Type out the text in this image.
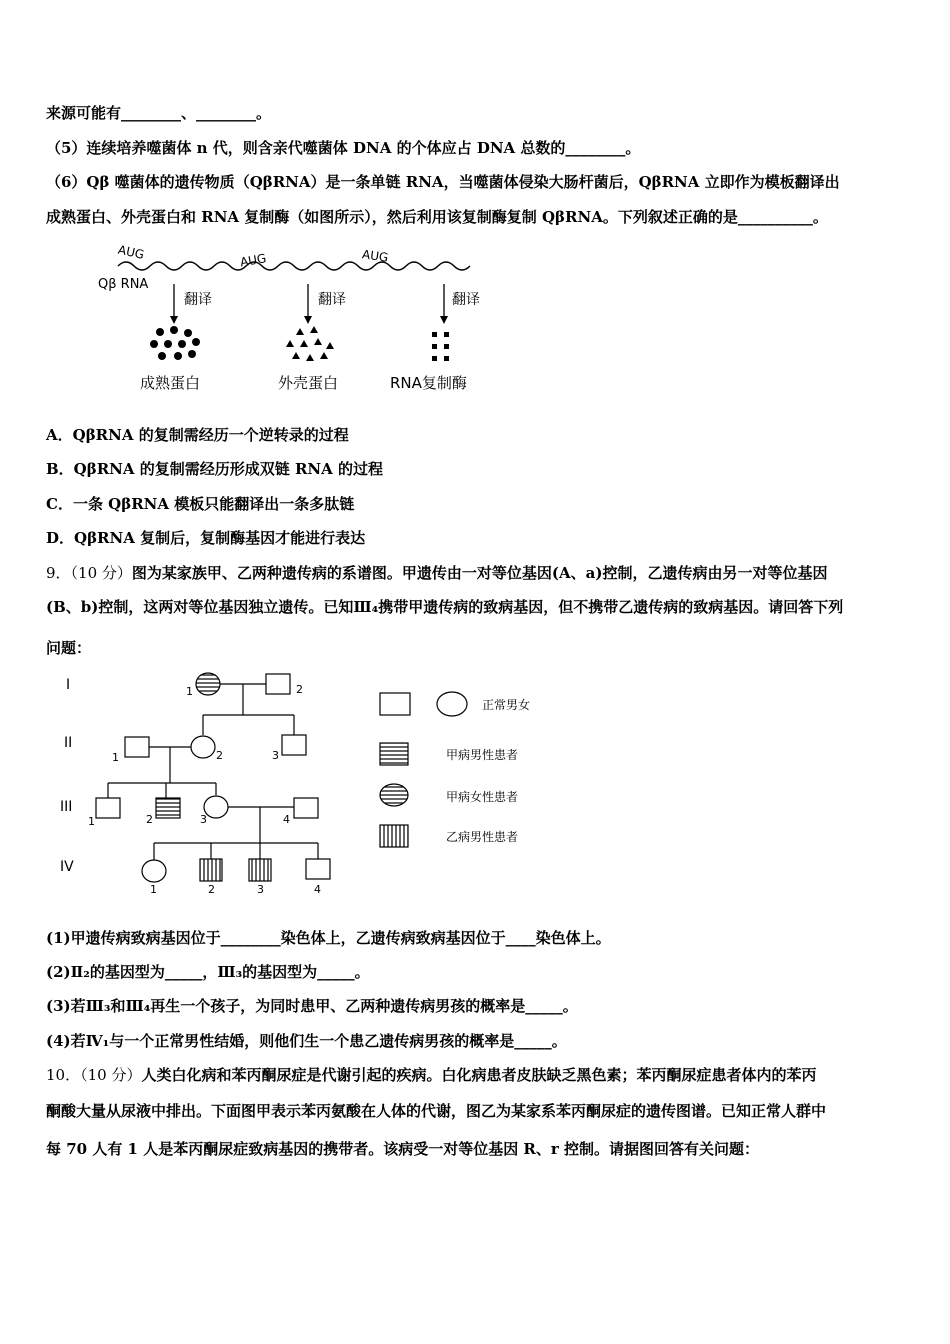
来源可能有________、________。
（5）连续培养噬菌体 n 代，则含亲代噬菌体 DNA 的个体应占 DNA 总数的________。
（6）Qβ 噬菌体的遗传物质（QβRNA）是一条单链 RNA，当噬菌体侵染大肠杆菌后，QβRNA 立即作为模板翻译出
成熟蛋白、外壳蛋白和 RNA 复制酶（如图所示），然后利用该复制酶复制 QβRNA。下列叙述正确的是__________。
Qβ RNA
AUG	AUG	AUG
翻译	翻译	翻译
成熟蛋白	外壳蛋白	RNA复制酶
A．QβRNA 的复制需经历一个逆转录的过程
B．QβRNA 的复制需经历形成双链 RNA 的过程
C．一条 QβRNA 模板只能翻译出一条多肽链
D．QβRNA 复制后，复制酶基因才能进行表达
9．（10 分）图为某家族甲、乙两种遗传病的系谱图。甲遗传由一对等位基因(A、a)控制，乙遗传病由另一对等位基因
(B、b)控制，这两对等位基因独立遗传。已知Ⅲ₄携带甲遗传病的致病基因，但不携带乙遗传病的致病基因。请回答下列
问题：
I
II
III
IV
1	2
1	2	3
1	2	3	4
1	2	3	4
正常男女
甲病男性患者
甲病女性患者
乙病男性患者
(1)甲遗传病致病基因位于________染色体上，乙遗传病致病基因位于____染色体上。
(2)Ⅱ₂的基因型为_____，Ⅲ₃的基因型为_____。
(3)若Ⅲ₃和Ⅲ₄再生一个孩子，为同时患甲、乙两种遗传病男孩的概率是_____。
(4)若Ⅳ₁与一个正常男性结婚，则他们生一个患乙遗传病男孩的概率是_____。
10．（10 分）人类白化病和苯丙酮尿症是代谢引起的疾病。白化病患者皮肤缺乏黑色素；苯丙酮尿症患者体内的苯丙
酮酸大量从尿液中排出。下面图甲表示苯丙氨酸在人体的代谢，图乙为某家系苯丙酮尿症的遗传图谱。已知正常人群中
每 70 人有 1 人是苯丙酮尿症致病基因的携带者。该病受一对等位基因 R、r 控制。请据图回答有关问题：
